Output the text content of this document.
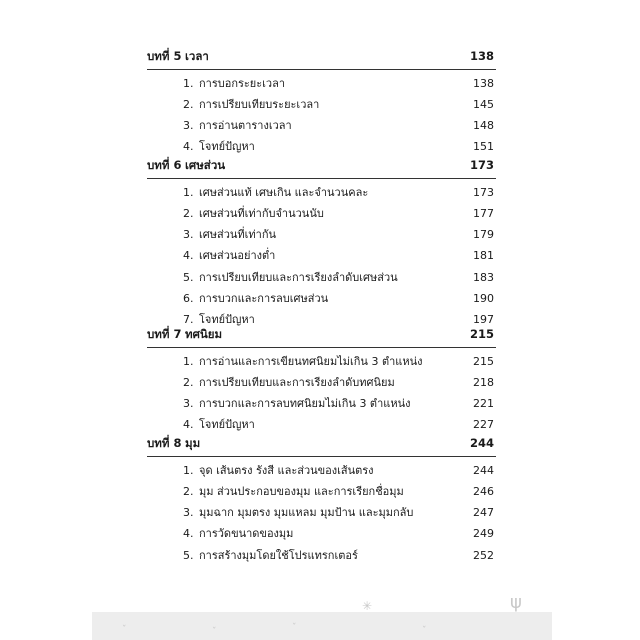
บทที่ 5 เวลา	138
1. การบอกระยะเวลา	138
2. การเปรียบเทียบระยะเวลา	145
3. การอ่านตารางเวลา	148
4. โจทย์ปัญหา	151
บทที่ 6 เศษส่วน	173
1. เศษส่วนแท้ เศษเกิน และจำนวนคละ	173
2. เศษส่วนที่เท่ากับจำนวนนับ	177
3. เศษส่วนที่เท่ากัน	179
4. เศษส่วนอย่างต่ำ	181
5. การเปรียบเทียบและการเรียงลำดับเศษส่วน	183
6. การบวกและการลบเศษส่วน	190
7. โจทย์ปัญหา	197
บทที่ 7 ทศนิยม	215
1. การอ่านและการเขียนทศนิยมไม่เกิน 3 ตำแหน่ง	215
2. การเปรียบเทียบและการเรียงลำดับทศนิยม	218
3. การบวกและการลบทศนิยมไม่เกิน 3 ตำแหน่ง	221
4. โจทย์ปัญหา	227
บทที่ 8 มุม	244
1. จุด เส้นตรง รังสี และส่วนของเส้นตรง	244
2. มุม ส่วนประกอบของมุม และการเรียกชื่อมุม	246
3. มุมฉาก มุมตรง มุมแหลม มุมป้าน และมุมกลับ	247
4. การวัดขนาดของมุม	249
5. การสร้างมุมโดยใช้โปรแทรกเตอร์	252
✳	ψ
ˇ	ˇ	ˇ	ˇ
